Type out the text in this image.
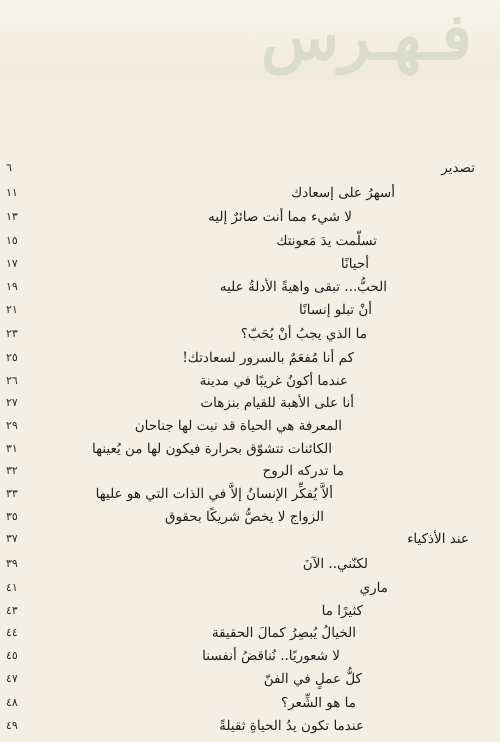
فـهـرس
تصدير
٦
أسهرُ على إسعادك
١١
لا شيء مما أنت صائرٌ إليه
١٣
تسلّمت يدَ مَعونتك
١٥
أحيانًا
١٧
الحبُّ... تبقى واهيةً الأدلةُ عليه
١٩
أنْ تبلو إنسانًا
٢١
ما الذي يجبُ أنْ يُحَبّ؟
٢٣
كم أنا مُفعَمٌ بالسرور لسعادتك!
٢٥
عندما أكونُ غريبًا في مدينة
٢٦
أنا على الأهبة للقيام بنزهات
٢٧
المعرفة هي الحياة قد نبت لها جناحان
٢٩
الكائنات تتشوّق بحرارة فيكون لها من يُعينها
٣١
ما تدركه الروح
٣٢
ألاَّ يُفكِّر الإنسانُ إلاَّ في الذات التي هو عليها
٣٣
الزواج لا يخصُّ شريكًا بحقوق
٣٥
عند الأذكياء
٣٧
لكنّني.. الآنَ
٣٩
ماري
٤١
كثيرًا ما
٤٣
الخيالُ يُبصِرُ كمالَ الحقيقة
٤٤
لا شعوريًا.. نُناقضُ أنفسنا
٤٥
كلُّ عملٍ في الفنّ
٤٧
ما هو الشِّعر؟
٤٨
عندما تكون يدُ الحياةِ ثقيلةً
٤٩
